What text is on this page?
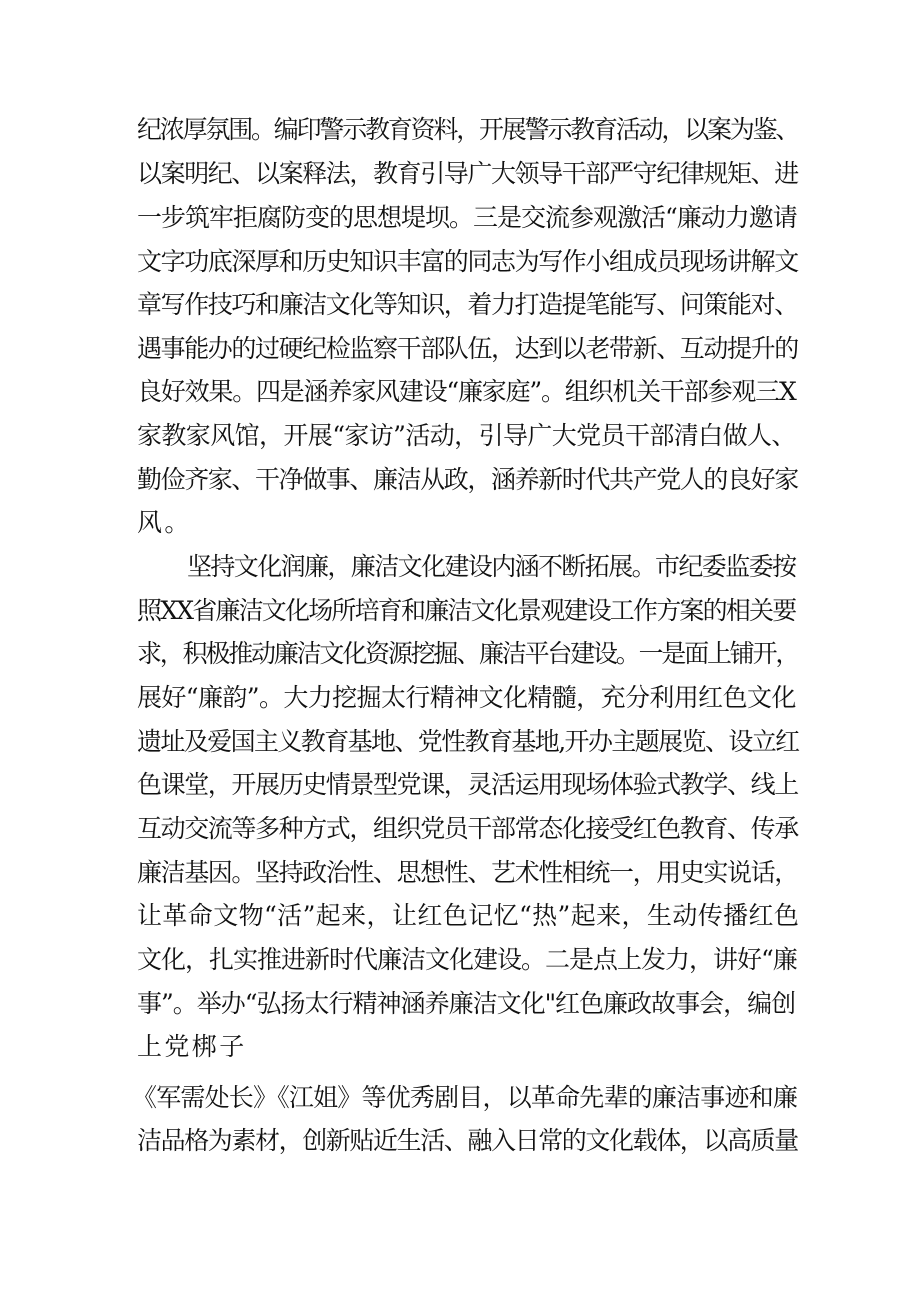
纪浓厚氛围。编印警示教育资料，开展警示教育活动，以案为鉴、
以案明纪、以案释法，教育引导广大领导干部严守纪律规矩、进
一步筑牢拒腐防变的思想堤坝。三是交流参观激活“廉动力邀请
文字功底深厚和历史知识丰富的同志为写作小组成员现场讲解文
章写作技巧和廉洁文化等知识，着力打造提笔能写、问策能对、
遇事能办的过硬纪检监察干部队伍，达到以老带新、互动提升的
良好效果。四是涵养家风建设“廉家庭”。组织机关干部参观三X
家教家风馆，开展“家访”活动，引导广大党员干部清白做人、
勤俭齐家、干净做事、廉洁从政，涵养新时代共产党人的良好家
风。
坚持文化润廉，廉洁文化建设内涵不断拓展。市纪委监委按
照XX省廉洁文化场所培育和廉洁文化景观建设工作方案的相关要
求，积极推动廉洁文化资源挖掘、廉洁平台建设。一是面上铺开，
展好“廉韵”。大力挖掘太行精神文化精髓，充分利用红色文化
遗址及爱国主义教育基地、党性教育基地,开办主题展览、设立红
色课堂，开展历史情景型党课，灵活运用现场体验式教学、线上
互动交流等多种方式，组织党员干部常态化接受红色教育、传承
廉洁基因。坚持政治性、思想性、艺术性相统一，用史实说话，
让革命文物“活”起来，让红色记忆“热”起来，生动传播红色
文化，扎实推进新时代廉洁文化建设。二是点上发力，讲好“廉
事”。举办“弘扬太行精神涵养廉洁文化"红色廉政故事会，编创
上党梆子
《军需处长》《江姐》等优秀剧目，以革命先辈的廉洁事迹和廉
洁品格为素材，创新贴近生活、融入日常的文化载体，以高质量
